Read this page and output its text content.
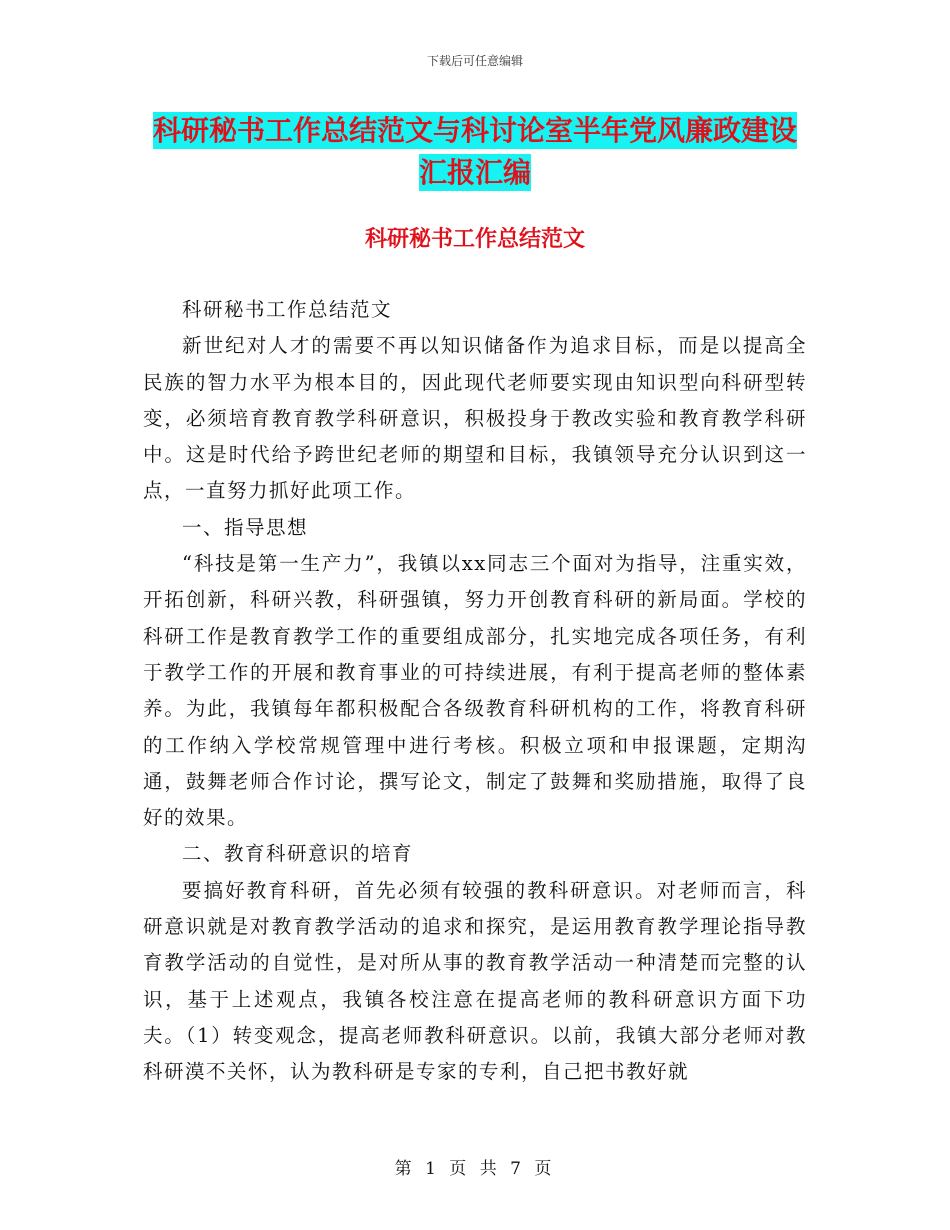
下载后可任意编辑
科研秘书工作总结范文与科讨论室半年党风廉政建设
汇报汇编
科研秘书工作总结范文

科研秘书工作总结范文

新世纪对人才的需要不再以知识储备作为追求目标，而是以提高全民族的智力水平为根本目的，因此现代老师要实现由知识型向科研型转变，必须培育教育教学科研意识，积极投身于教改实验和教育教学科研中。这是时代给予跨世纪老师的期望和目标，我镇领导充分认识到这一点，一直努力抓好此项工作。

一、指导思想

“科技是第一生产力”，我镇以xx同志三个面对为指导，注重实效，开拓创新，科研兴教，科研强镇，努力开创教育科研的新局面。学校的科研工作是教育教学工作的重要组成部分，扎实地完成各项任务，有利于教学工作的开展和教育事业的可持续进展，有利于提高老师的整体素养。为此，我镇每年都积极配合各级教育科研机构的工作，将教育科研的工作纳入学校常规管理中进行考核。积极立项和申报课题，定期沟通，鼓舞老师合作讨论，撰写论文，制定了鼓舞和奖励措施，取得了良好的效果。

二、教育科研意识的培育

要搞好教育科研，首先必须有较强的教科研意识。对老师而言，科研意识就是对教育教学活动的追求和探究，是运用教育教学理论指导教育教学活动的自觉性，是对所从事的教育教学活动一种清楚而完整的认识，基于上述观点，我镇各校注意在提高老师的教科研意识方面下功夫。（1）转变观念，提高老师教科研意识。以前，我镇大部分老师对教科研漠不关怀，认为教科研是专家的专利，自己把书教好就

第 1 页 共 7 页
